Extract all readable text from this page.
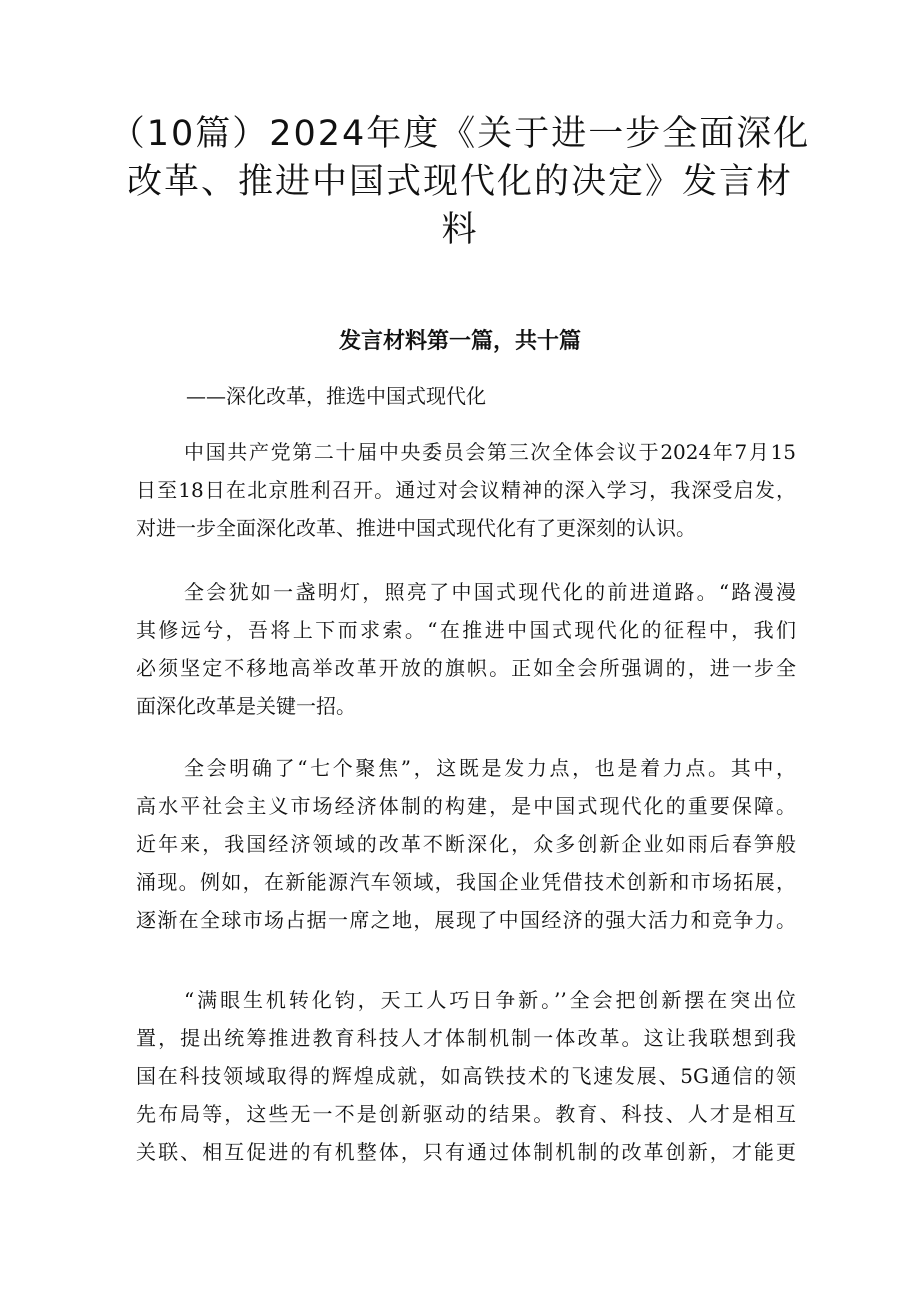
（10篇）2024年度《关于进一步全面深化
改革、推进中国式现代化的决定》发言材
料
发言材料第一篇，共十篇
——深化改革，推选中国式现代化
中国共产党第二十届中央委员会第三次全体会议于2024年7月15
日至18日在北京胜利召开。通过对会议精神的深入学习，我深受启发，
对进一步全面深化改革、推进中国式现代化有了更深刻的认识。
全会犹如一盏明灯，照亮了中国式现代化的前进道路。“路漫漫
其修远兮，吾将上下而求索。“在推进中国式现代化的征程中，我们
必须坚定不移地高举改革开放的旗帜。正如全会所强调的，进一步全
面深化改革是关键一招。
全会明确了“七个聚焦”，这既是发力点，也是着力点。其中，
高水平社会主义市场经济体制的构建，是中国式现代化的重要保障。
近年来，我国经济领域的改革不断深化，众多创新企业如雨后春笋般
涌现。例如，在新能源汽车领域，我国企业凭借技术创新和市场拓展，
逐渐在全球市场占据一席之地，展现了中国经济的强大活力和竞争力。
“满眼生机转化钧，天工人巧日争新。’’全会把创新摆在突出位
置，提出统筹推进教育科技人才体制机制一体改革。这让我联想到我
国在科技领域取得的辉煌成就，如高铁技术的飞速发展、5G通信的领
先布局等，这些无一不是创新驱动的结果。教育、科技、人才是相互
关联、相互促进的有机整体，只有通过体制机制的改革创新，才能更
